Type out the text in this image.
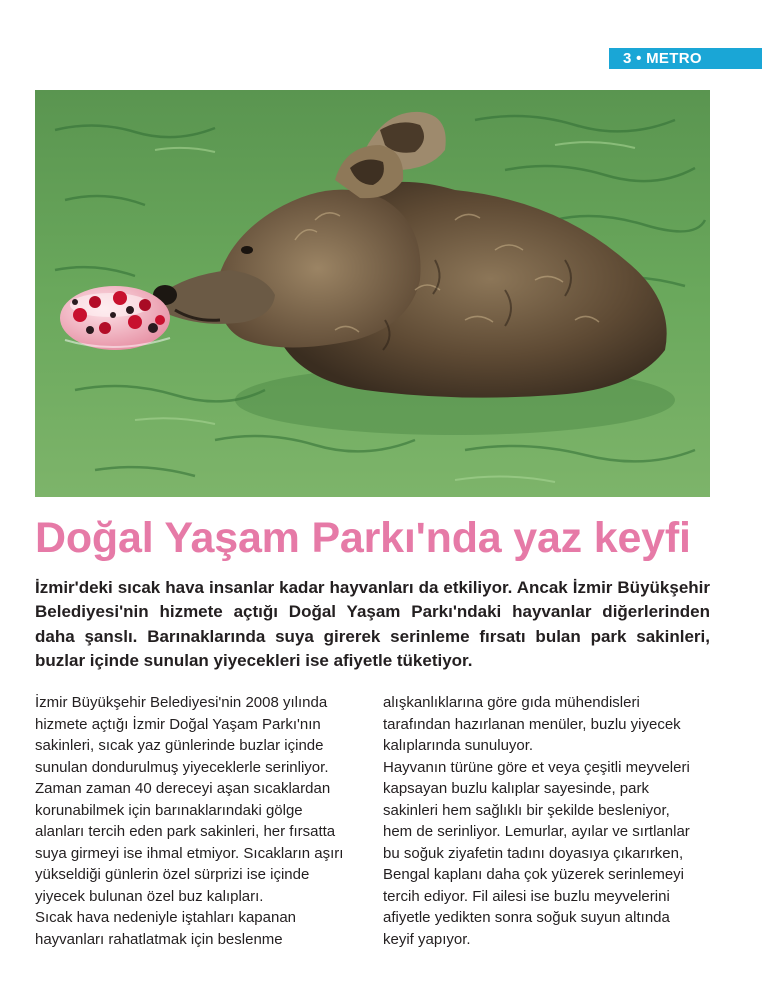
3 • METRO
Doğal Yaşam Parkı'nda yaz keyfi

İzmir'deki sıcak hava insanlar kadar hayvanları da etkiliyor. Ancak İzmir Büyükşehir Belediyesi'nin hizmete açtığı Doğal Yaşam Parkı'ndaki hayvanlar diğerlerinden daha şanslı. Barınaklarında suya girerek serinleme fırsatı bulan park sakinleri, buzlar içinde sunulan yiyecekleri ise afiyetle tüketiyor.

İzmir Büyükşehir Belediyesi'nin 2008 yılında
hizmete açtığı İzmir Doğal Yaşam Parkı'nın
sakinleri, sıcak yaz günlerinde buzlar içinde
sunulan dondurulmuş yiyeceklerle serinliyor.
Zaman zaman 40 dereceyi aşan sıcaklardan
korunabilmek için barınaklarındaki gölge
alanları tercih eden park sakinleri, her fırsatta
suya girmeyi ise ihmal etmiyor. Sıcakların aşırı
yükseldiği günlerin özel sürprizi ise içinde
yiyecek bulunan özel buz kalıpları.
Sıcak hava nedeniyle iştahları kapanan
hayvanları rahatlatmak için beslenme
alışkanlıklarına göre gıda mühendisleri
tarafından hazırlanan menüler, buzlu yiyecek
kalıplarında sunuluyor.
Hayvanın türüne göre et veya çeşitli meyveleri
kapsayan buzlu kalıplar sayesinde, park
sakinleri hem sağlıklı bir şekilde besleniyor,
hem de serinliyor. Lemurlar, ayılar ve sırtlanlar
bu soğuk ziyafetin tadını doyasıya çıkarırken,
Bengal kaplanı daha çok yüzerek serinlemeyi
tercih ediyor. Fil ailesi ise buzlu meyvelerini
afiyetle yedikten sonra soğuk suyun altında
keyif yapıyor.
